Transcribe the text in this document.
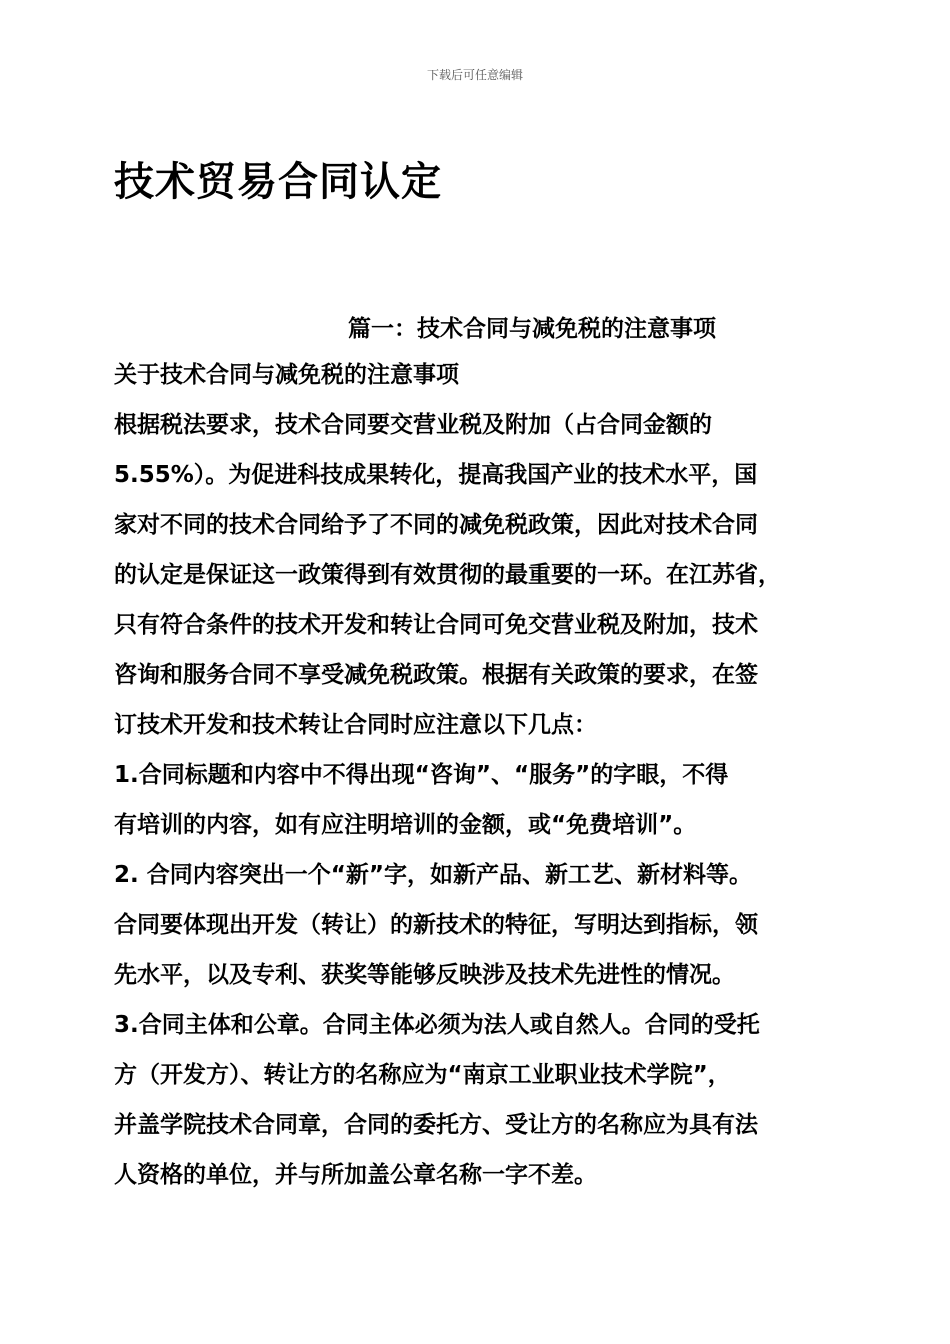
下载后可任意编辑
技术贸易合同认定
篇一：技术合同与减免税的注意事项
关于技术合同与减免税的注意事项
根据税法要求，技术合同要交营业税及附加（占合同金额的
5.55%）。为促进科技成果转化，提高我国产业的技术水平，国
家对不同的技术合同给予了不同的减免税政策，因此对技术合同
的认定是保证这一政策得到有效贯彻的最重要的一环。在江苏省，
只有符合条件的技术开发和转让合同可免交营业税及附加，技术
咨询和服务合同不享受减免税政策。根据有关政策的要求，在签
订技术开发和技术转让合同时应注意以下几点：
1.合同标题和内容中不得出现“咨询”、“服务”的字眼，不得
有培训的内容，如有应注明培训的金额，或“免费培训”。
2. 合同内容突出一个“新”字，如新产品、新工艺、新材料等。
合同要体现出开发（转让）的新技术的特征，写明达到指标，领
先水平，以及专利、获奖等能够反映涉及技术先进性的情况。
3.合同主体和公章。合同主体必须为法人或自然人。合同的受托
方（开发方）、转让方的名称应为“南京工业职业技术学院”，
并盖学院技术合同章，合同的委托方、受让方的名称应为具有法
人资格的单位，并与所加盖公章名称一字不差。
